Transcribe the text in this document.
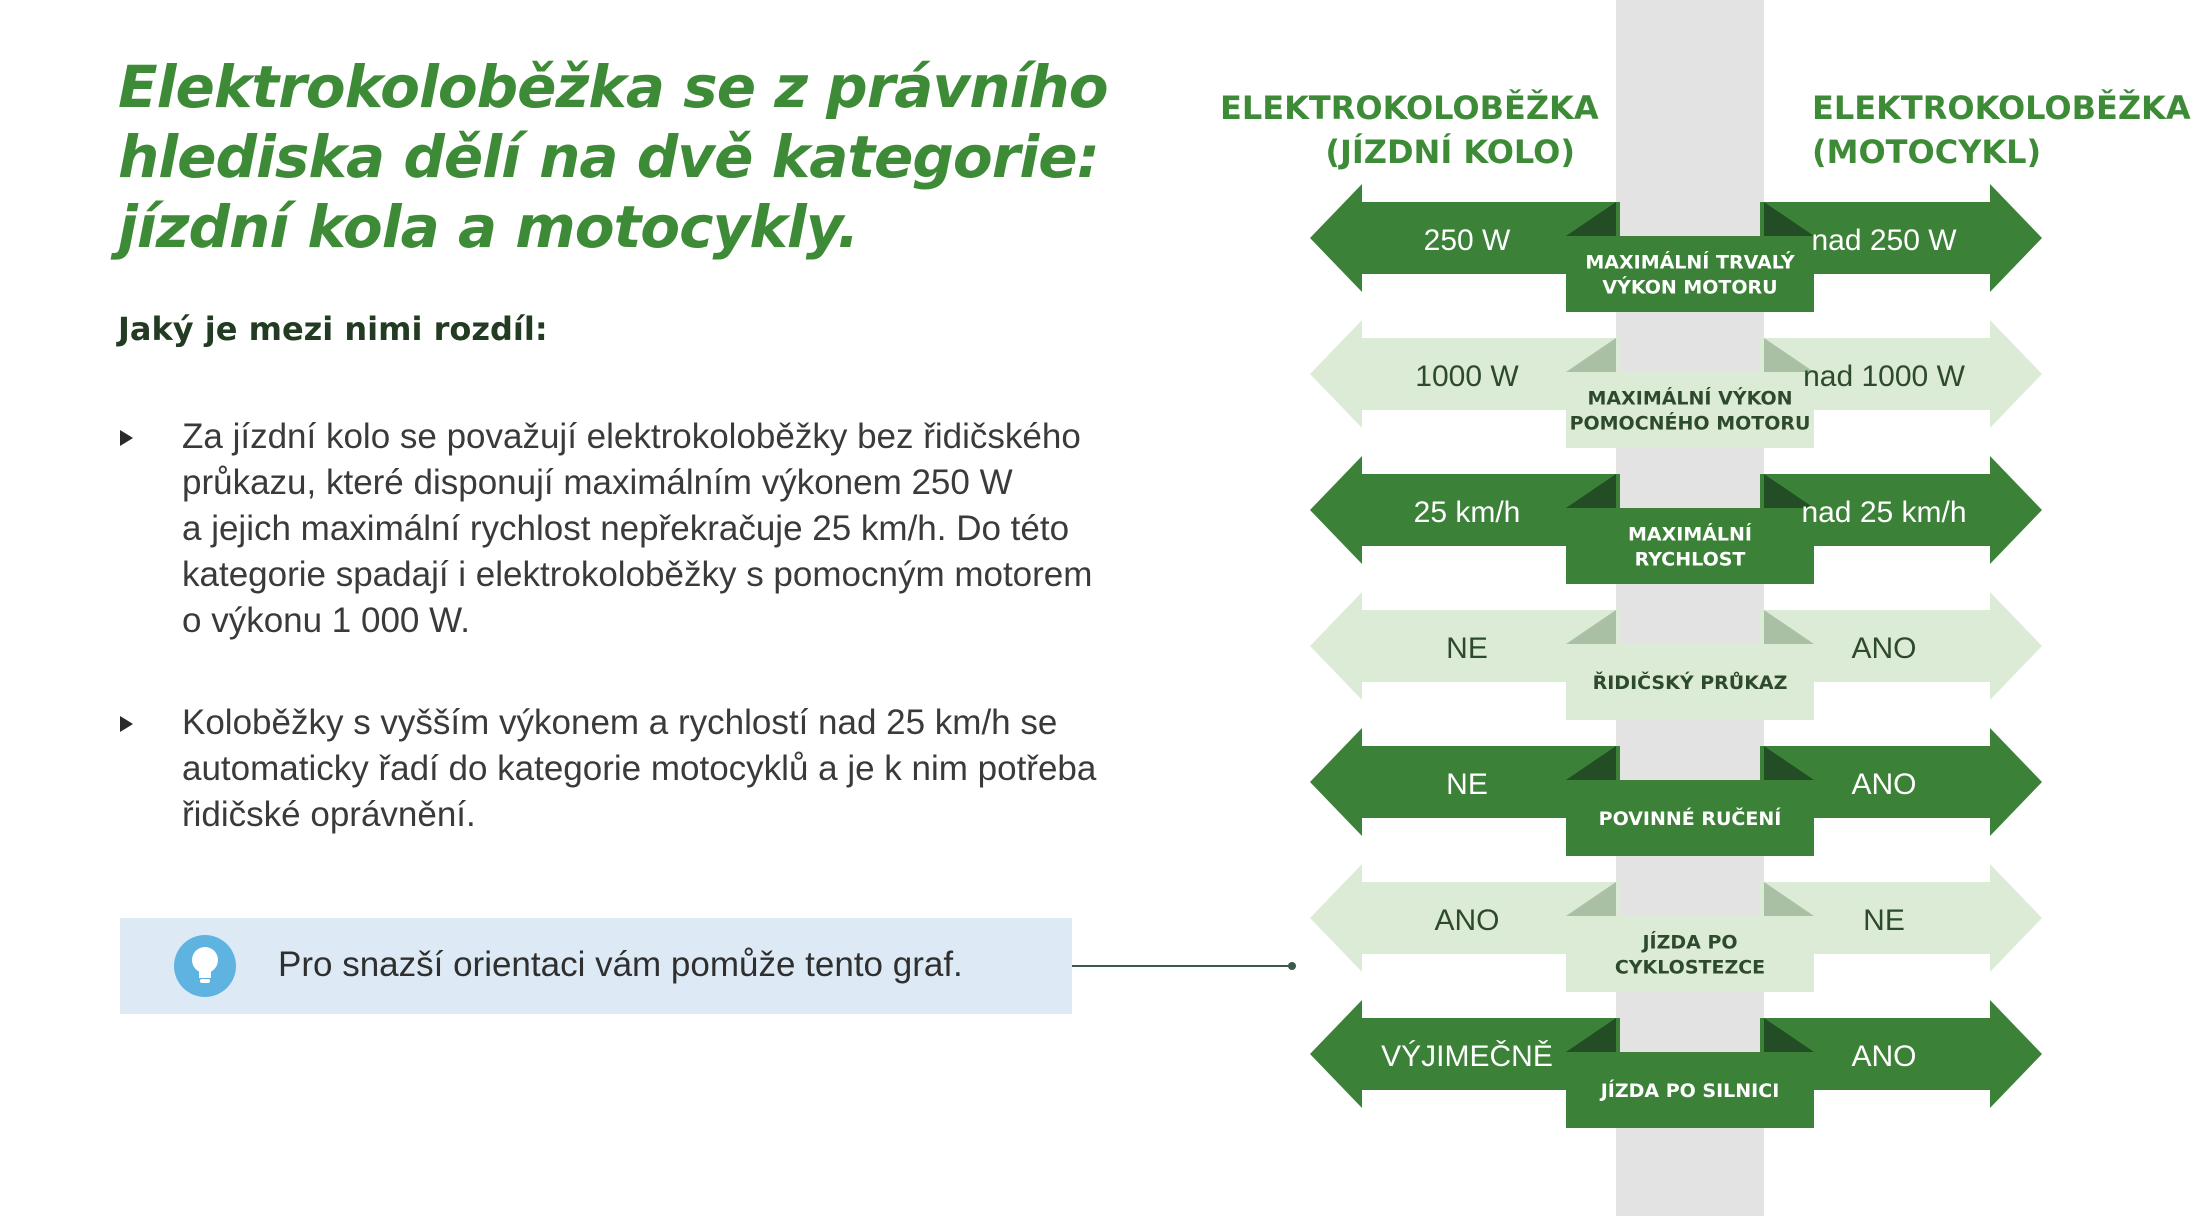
Elektrokoloběžka se z právního
hlediska dělí na dvě kategorie:
jízdní kola a motocykly.
Jaký je mezi nimi rozdíl:
Za jízdní kolo se považují elektrokoloběžky bez řidičského
průkazu, které disponují maximálním výkonem 250 W
a jejich maximální rychlost nepřekračuje 25 km/h. Do této
kategorie spadají i elektrokoloběžky s pomocným motorem
o výkonu 1 000 W.
Koloběžky s vyšším výkonem a rychlostí nad 25 km/h se
automaticky řadí do kategorie motocyklů a je k nim potřeba
řidičské oprávnění.
Pro snazší orientaci vám pomůže tento graf.
ELEKTROKOLOBĚŽKA
(JÍZDNÍ KOLO)
ELEKTROKOLOBĚŽKA
(MOTOCYKL)
250 W	nad 250 W
MAXIMÁLNÍ TRVALÝ
VÝKON MOTORU
1000 W	nad 1000 W
MAXIMÁLNÍ VÝKON
POMOCNÉHO MOTORU
25 km/h	nad 25 km/h
MAXIMÁLNÍ
RYCHLOST
NE	ANO
ŘIDIČSKÝ PRŮKAZ
NE	ANO
POVINNÉ RUČENÍ
ANO	NE
JÍZDA PO
CYKLOSTEZCE
VÝJIMEČNĚ	ANO
JÍZDA PO SILNICI
